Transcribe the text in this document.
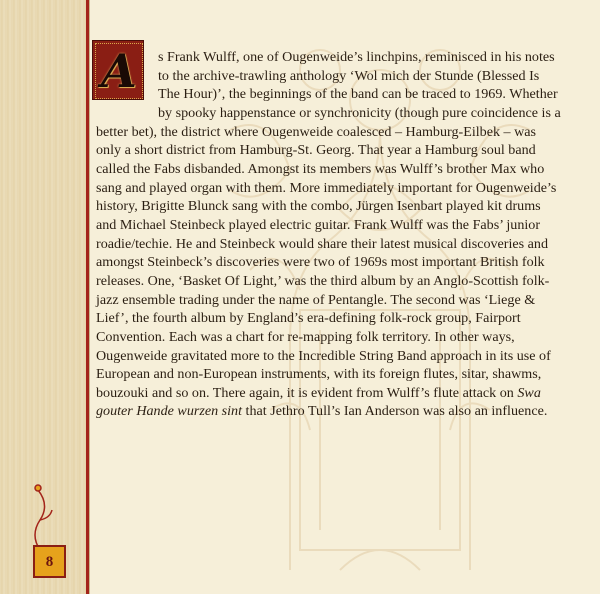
A	s Frank Wulff, one of Ougenweide’s linchpins, reminisced in his notes to the archive-trawling anthology ‘Wol mich der Stunde (Blessed Is The Hour)’, the beginnings of the band can be traced to 1969. Whether by spooky happenstance or synchronicity (though pure coincidence is a better bet), the district where Ougenweide coalesced – Hamburg-Eilbek – was only a short district from Hamburg-St. Georg. That year a Hamburg soul band called the Fabs disbanded. Amongst its members was Wulff’s brother Max who sang and played organ with them. More immediately important for Ougenweide’s history, Brigitte Blunck sang with the combo, Jürgen Isenbart played kit drums and Michael Steinbeck played electric guitar. Frank Wulff was the Fabs’ junior roadie/techie. He and Steinbeck would share their latest musical discoveries and amongst Steinbeck’s discoveries were two of 1969s most important British folk releases. One, ‘Basket Of Light,’ was the third album by an Anglo-Scottish folk-jazz ensemble trading under the name of Pentangle. The second was ‘Liege & Lief’, the fourth album by England’s era-defining folk-rock group, Fairport Convention. Each was a chart for re-mapping folk territory. In other ways, Ougenweide gravitated more to the Incredible String Band approach in its use of European and non-European instruments, with its foreign flutes, sitar, shawms, bouzouki and so on. There again, it is evident from Wulff’s flute attack on Swa gouter Hande wurzen sint that Jethro Tull’s Ian Anderson was also an influence.
8
